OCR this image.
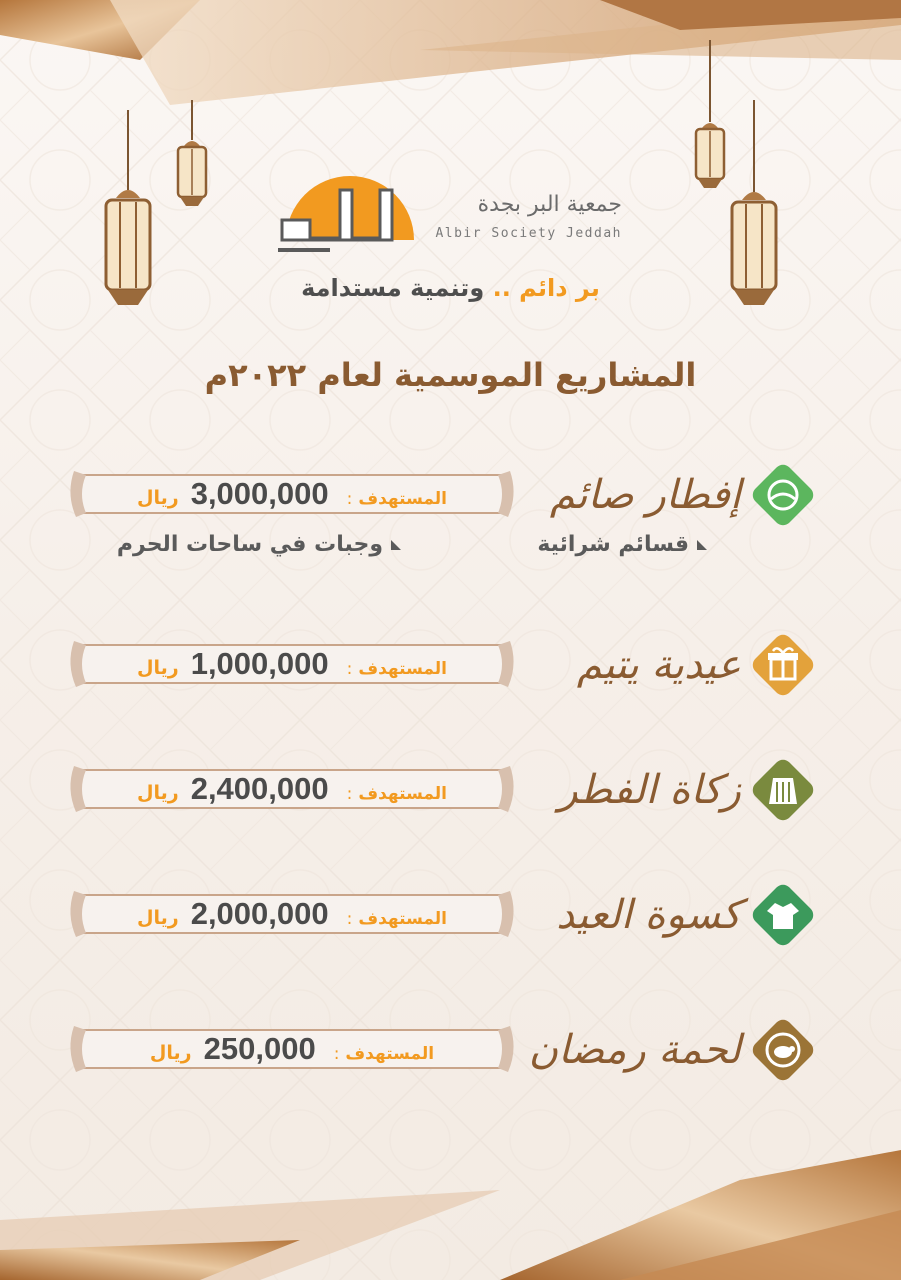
جمعية البر بجدة
Albir Society Jeddah
بر دائم .. وتنمية مستدامة
المشاريع الموسمية لعام ٢٠٢٢م
إفطار صائم
المستهدف:3,000,000ريال
عيدية يتيم
المستهدف:1,000,000ريال
زكاة الفطر
المستهدف:2,400,000ريال
كسوة العيد
المستهدف:2,000,000ريال
لحمة رمضان
المستهدف:250,000ريال
قسائم شرائية
وجبات في ساحات الحرم
